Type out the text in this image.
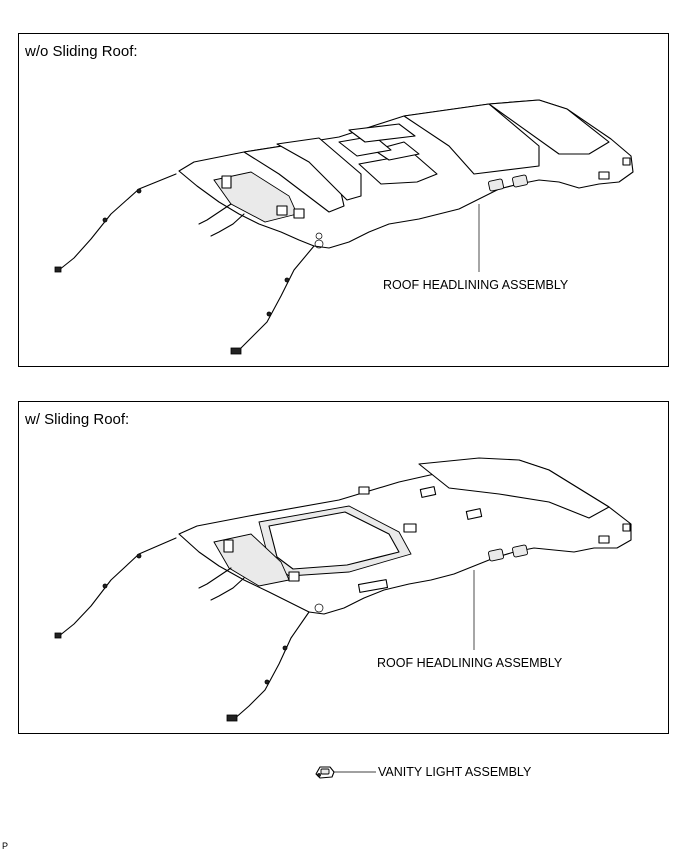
w/o Sliding Roof:
ROOF HEADLINING ASSEMBLY
w/ Sliding Roof:
ROOF HEADLINING ASSEMBLY
VANITY LIGHT ASSEMBLY
P
